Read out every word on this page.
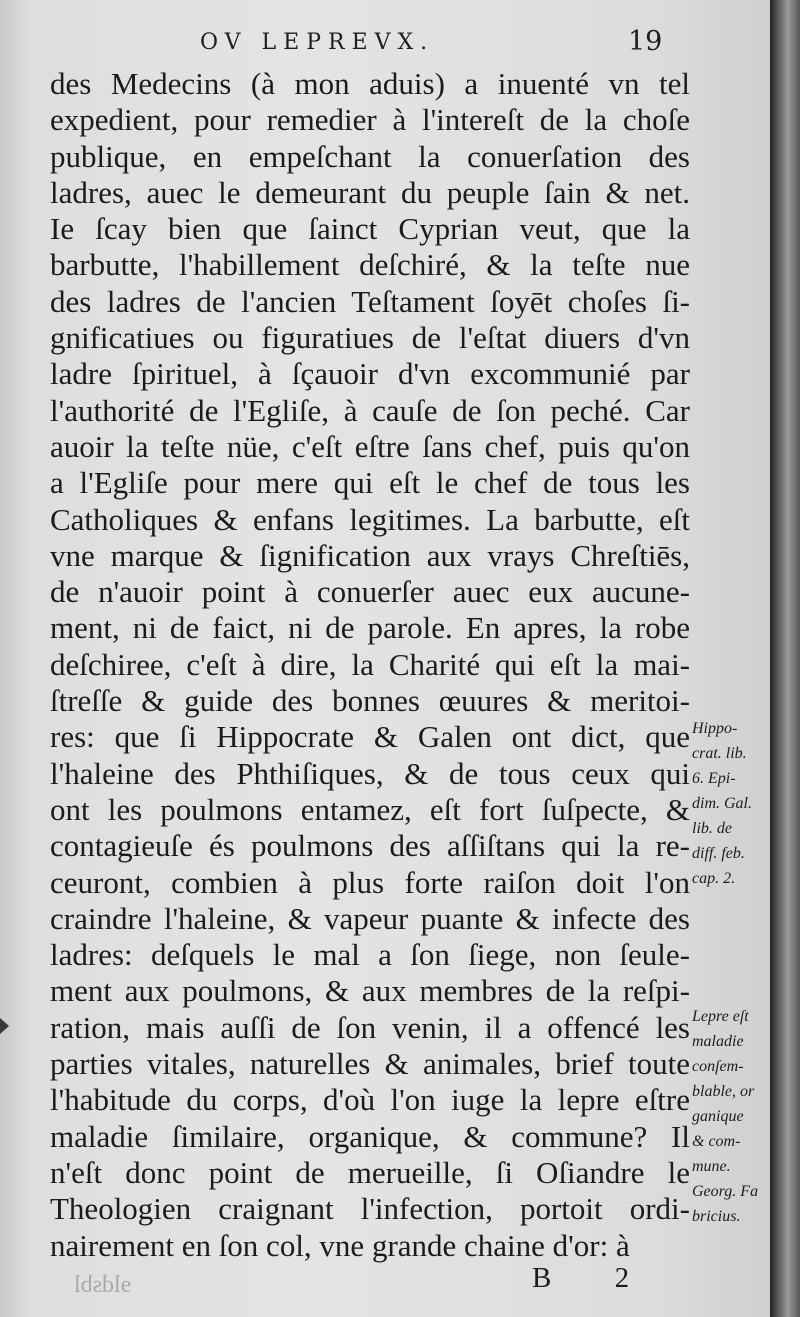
OV LEPREVX.	19
des Medecins (à mon aduis) a inuenté vn tel
expedient, pour remedier à l'intereſt de la choſe
publique, en empeſchant la conuerſation des
ladres, auec le demeurant du peuple ſain & net.
Ie ſcay bien que ſainct Cyprian veut, que la
barbutte, l'habillement deſchiré, & la teſte nue
des ladres de l'ancien Teſtament ſoyēt choſes ſi-
gnificatiues ou figuratiues de l'eſtat diuers d'vn
ladre ſpirituel, à ſçauoir d'vn excommunié par
l'authorité de l'Egliſe, à cauſe de ſon peché. Car
auoir la teſte nüe, c'eſt eſtre ſans chef, puis qu'on
a l'Egliſe pour mere qui eſt le chef de tous les
Catholiques & enfans legitimes. La barbutte, eſt
vne marque & ſignification aux vrays Chreſtiēs,
de n'auoir point à conuerſer auec eux aucune-
ment, ni de faict, ni de parole. En apres, la robe
deſchiree, c'eſt à dire, la Charité qui eſt la mai-
ſtreſſe & guide des bonnes œuures & meritoi-
res: que ſi Hippocrate & Galen ont dict, que
l'haleine des Phthiſiques, & de tous ceux qui
ont les poulmons entamez, eſt fort ſuſpecte, &
contagieuſe és poulmons des aſſiſtans qui la re-
ceuront, combien à plus forte raiſon doit l'on
craindre l'haleine, & vapeur puante & infecte des
ladres: deſquels le mal a ſon ſiege, non ſeule-
ment aux poulmons, & aux membres de la reſpi-
ration, mais auſſi de ſon venin, il a offencé les
parties vitales, naturelles & animales, brief toute
l'habitude du corps, d'où l'on iuge la lepre eſtre
maladie ſimilaire, organique, & commune? Il
n'eſt donc point de merueille, ſi Oſiandre le
Theologien craignant l'infection, portoit ordi-
nairement en ſon col, vne grande chaine d'or: à
Hippo-
crat. lib.
6. Epi-
dim. Gal.
lib. de
diff. feb.
cap. 2.
Lepre eſt
maladie
conſem-
blable, or
ganique
& com-
mune.
Georg. Fa
bricius.
ɘldsbl	B 2
